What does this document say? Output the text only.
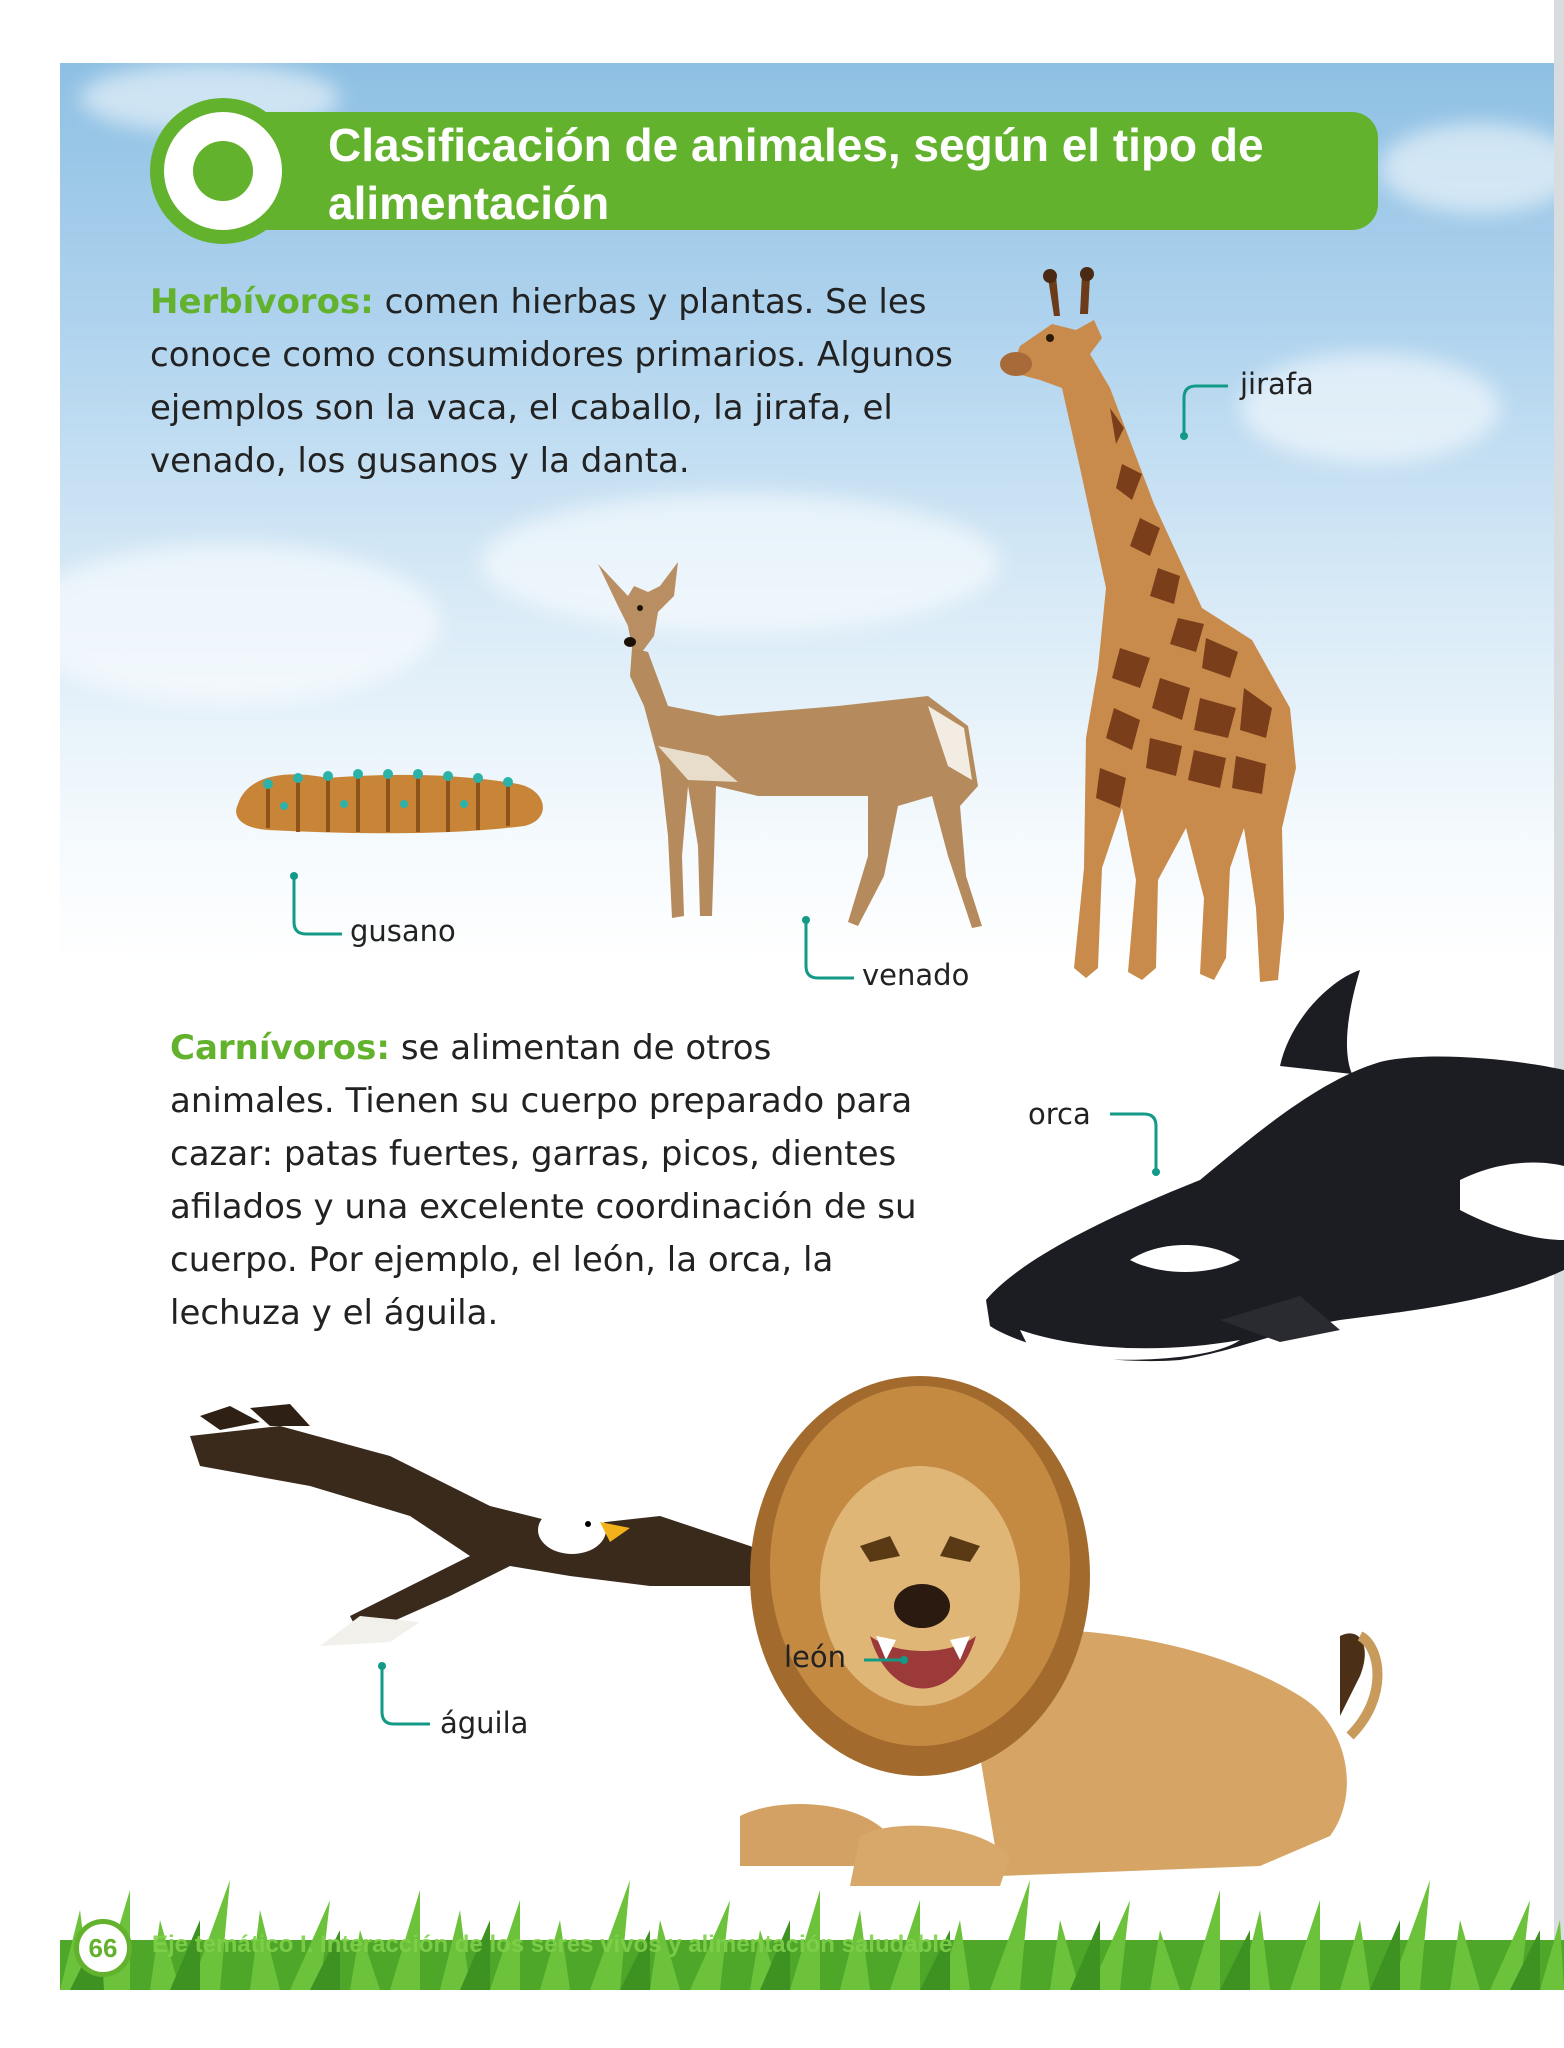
Clasificación de animales, según el tipo de
alimentación

Herbívoros: comen hierbas y plantas. Se les conoce como consumidores primarios. Algunos ejemplos son la vaca, el caballo, la jirafa, el venado, los gusanos y la danta.

Carnívoros: se alimentan de otros animales. Tienen su cuerpo preparado para cazar: patas fuertes, garras, picos, dientes afilados y una excelente coordinación de su cuerpo. Por ejemplo, el león, la orca, la lechuza y el águila.

jirafa
gusano
venado
orca
león
águila
66	Eje temático I. Interacción de los seres vivos y alimentación saludable
